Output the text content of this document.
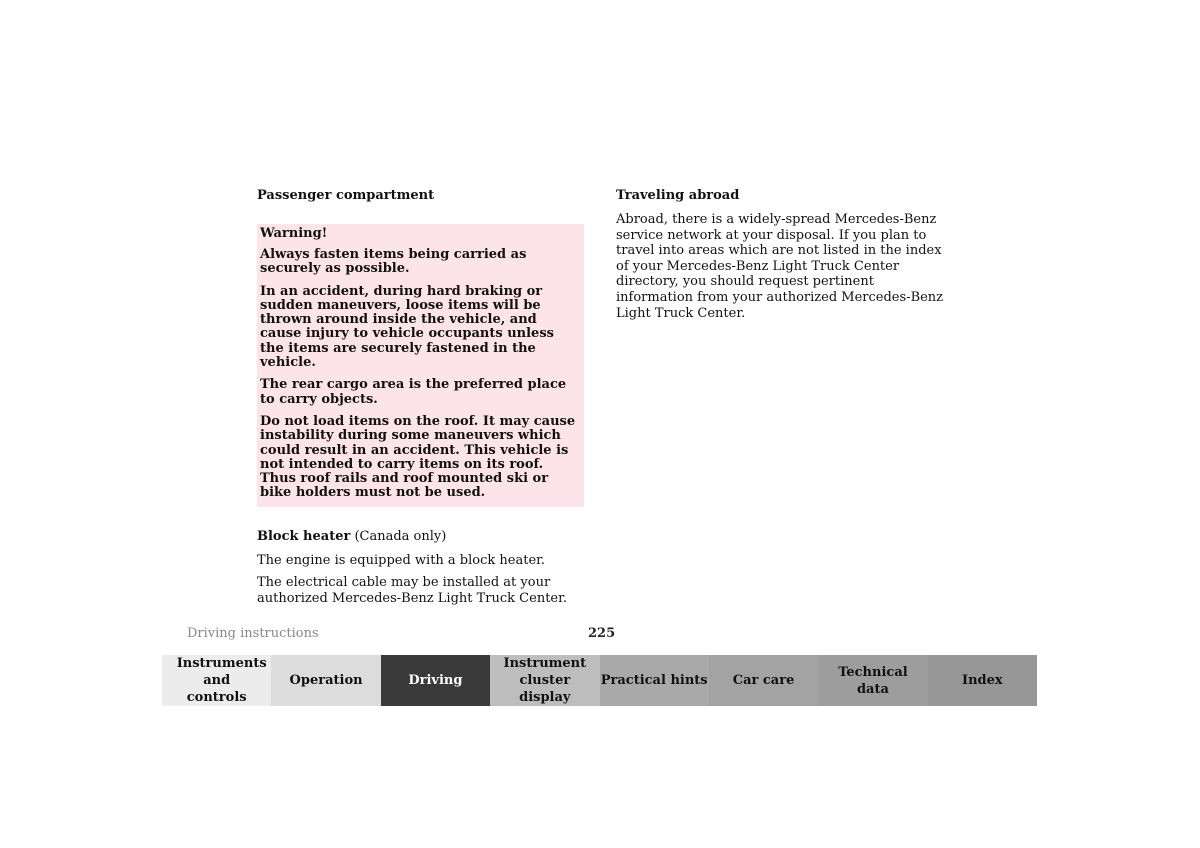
Passenger compartment
Warning!
Always fasten items being carried as securely as possible.
In an accident, during hard braking or sudden maneuvers, loose items will be thrown around inside the vehicle, and cause injury to vehicle occupants unless the items are securely fastened in the vehicle.
The rear cargo area is the preferred place to carry objects.
Do not load items on the roof. It may cause instability during some maneuvers which could result in an accident. This vehicle is not intended to carry items on its roof. Thus roof rails and roof mounted ski or bike holders must not be used.
Block heater (Canada only)
The engine is equipped with a block heater.
The electrical cable may be installed at your authorized Mercedes-Benz Light Truck Center.
Traveling abroad
Abroad, there is a widely-spread Mercedes-Benz service network at your disposal. If you plan to travel into areas which are not listed in the index of your Mercedes-Benz Light Truck Center directory, you should request pertinent information from your authorized Mercedes-Benz Light Truck Center.
Driving instructions	225
Instruments and controls
Operation	Driving
Instrument cluster display
Practical hints Car care
Technical data
Index
